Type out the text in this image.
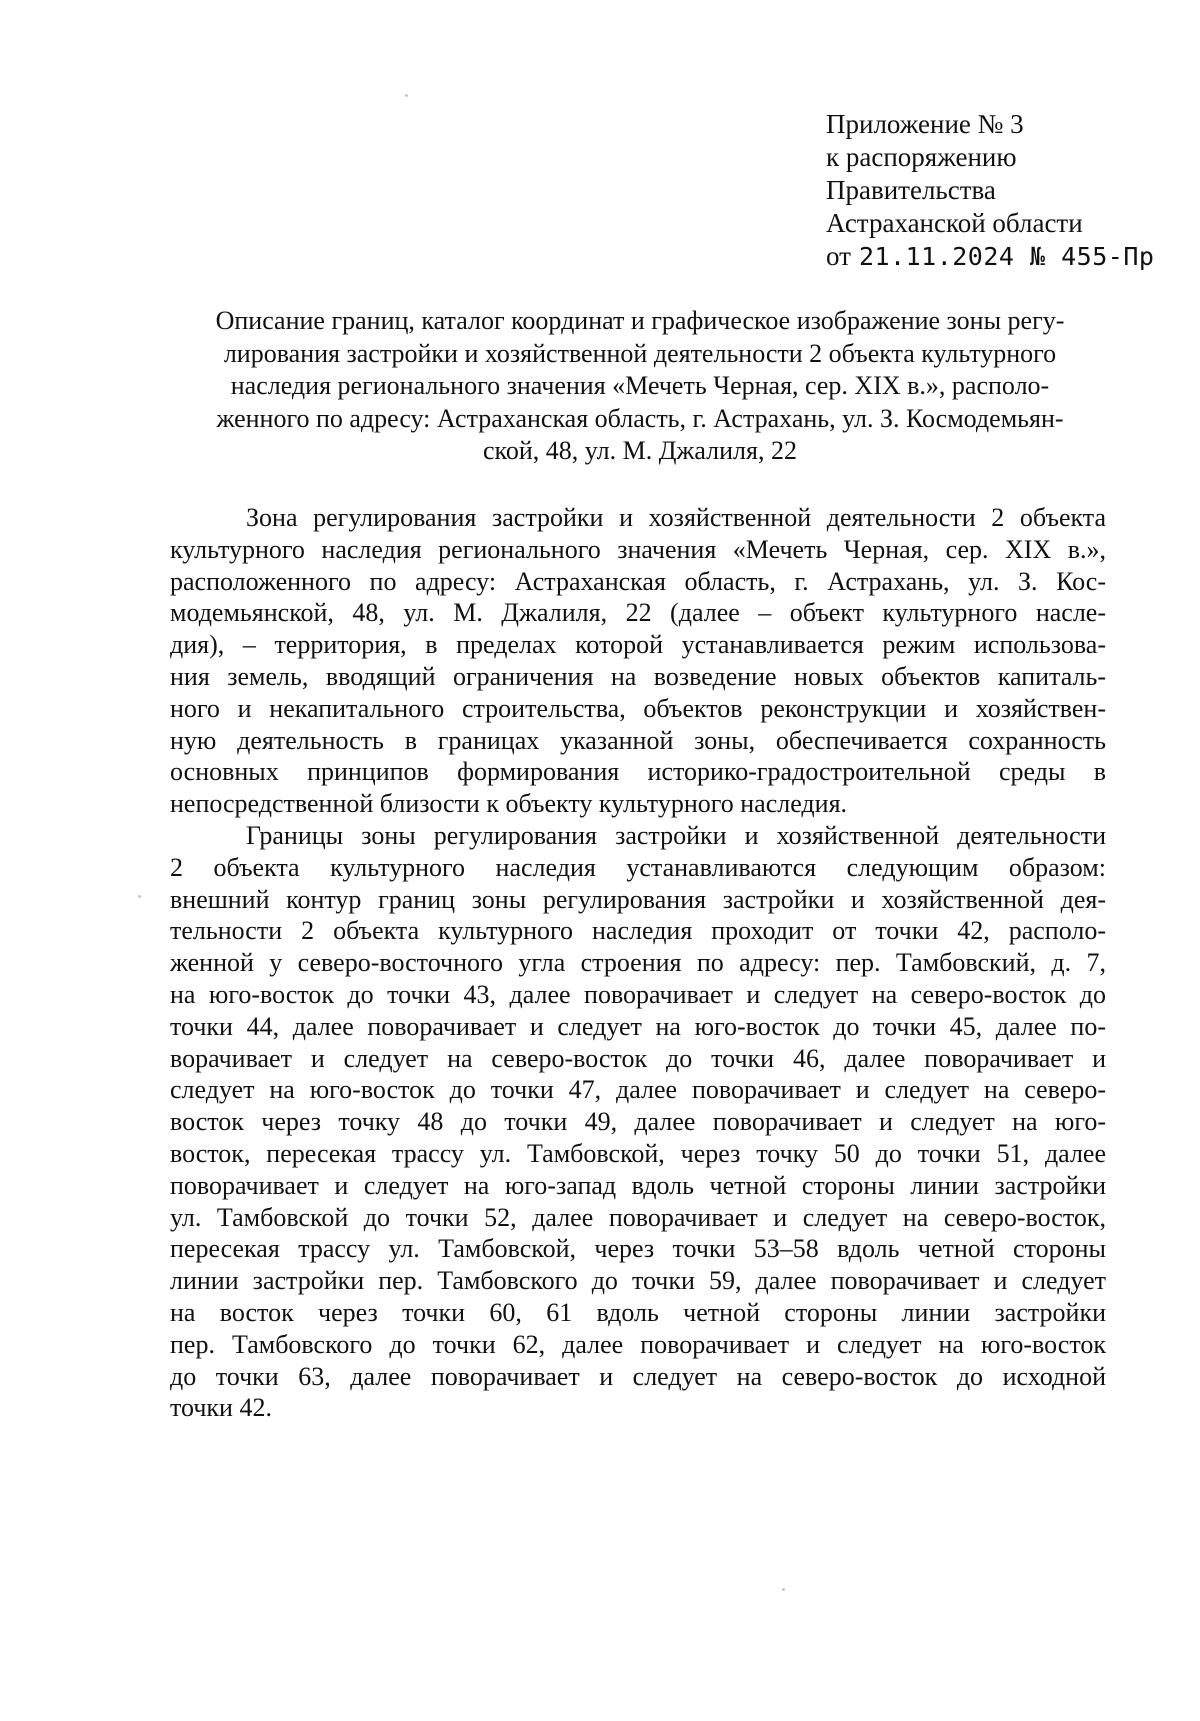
Приложение № 3
к распоряжению
Правительства
Астраханской области
от 21.11.2024 № 455-Пр
Описание границ, каталог координат и графическое изображение зоны регу-
лирования застройки и хозяйственной деятельности 2 объекта культурного
наследия регионального значения «Мечеть Черная, сер. XIX в.», располо-
женного по адресу: Астраханская область, г. Астрахань, ул. З. Космодемьян-
ской, 48, ул. М. Джалиля, 22
Зона регулирования застройки и хозяйственной деятельности 2 объекта
культурного наследия регионального значения «Мечеть Черная, сер. XIX в.»,
расположенного по адресу: Астраханская область, г. Астрахань, ул. З. Кос-
модемьянской, 48, ул. М. Джалиля, 22 (далее – объект культурного насле-
дия), – территория, в пределах которой устанавливается режим использова-
ния земель, вводящий ограничения на возведение новых объектов капиталь-
ного и некапитального строительства, объектов реконструкции и хозяйствен-
ную деятельность в границах указанной зоны, обеспечивается сохранность
основных принципов формирования историко-градостроительной среды в
непосредственной близости к объекту культурного наследия.
Границы зоны регулирования застройки и хозяйственной деятельности
2 объекта культурного наследия устанавливаются следующим образом:
внешний контур границ зоны регулирования застройки и хозяйственной дея-
тельности 2 объекта культурного наследия проходит от точки 42, располо-
женной у северо-восточного угла строения по адресу: пер. Тамбовский, д. 7,
на юго-восток до точки 43, далее поворачивает и следует на северо-восток до
точки 44, далее поворачивает и следует на юго-восток до точки 45, далее по-
ворачивает и следует на северо-восток до точки 46, далее поворачивает и
следует на юго-восток до точки 47, далее поворачивает и следует на северо-
восток через точку 48 до точки 49, далее поворачивает и следует на юго-
восток, пересекая трассу ул. Тамбовской, через точку 50 до точки 51, далее
поворачивает и следует на юго-запад вдоль четной стороны линии застройки
ул. Тамбовской до точки 52, далее поворачивает и следует на северо-восток,
пересекая трассу ул. Тамбовской, через точки 53–58 вдоль четной стороны
линии застройки пер. Тамбовского до точки 59, далее поворачивает и следует
на восток через точки 60, 61 вдоль четной стороны линии застройки
пер. Тамбовского до точки 62, далее поворачивает и следует на юго-восток
до точки 63, далее поворачивает и следует на северо-восток до исходной
точки 42.
